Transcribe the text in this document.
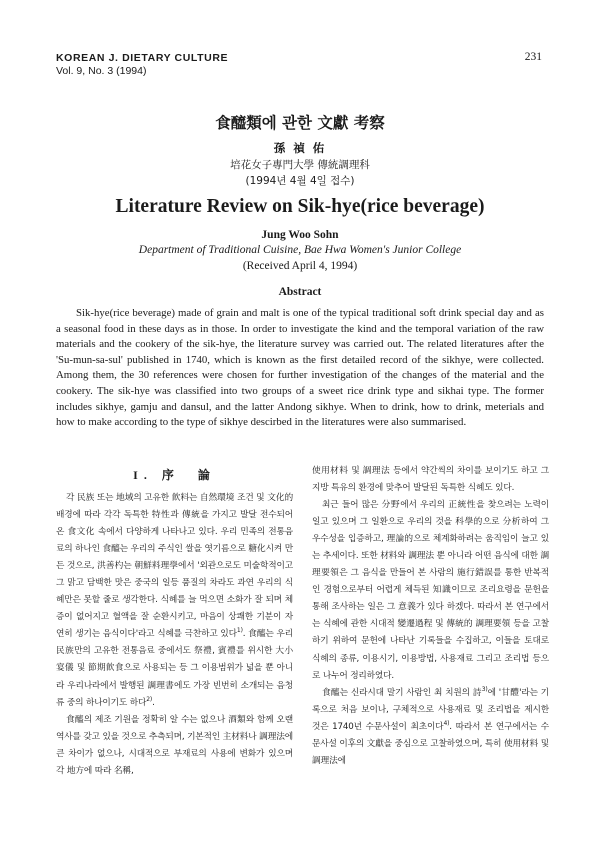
KOREAN J. DIETARY CULTURE
Vol. 9, No. 3 (1994)
231
食醯類에 관한 文獻 考察
孫 禎 佑
培花女子專門大學 傳統調理科
(1994년 4월 4일 접수)
Literature Review on Sik-hye(rice beverage)
Jung Woo Sohn
Department of Traditional Cuisine, Bae Hwa Women's Junior College
(Received April 4, 1994)
Abstract
Sik-hye(rice beverage) made of grain and malt is one of the typical traditional soft drink special day and as a seasonal food in these days as in those. In order to investigate the kind and the temporal variation of the raw materials and the cookery of the sik-hye, the literature survey was carried out. The related literatures after the 'Su-mun-sa-sul' published in 1740, which is known as the first detailed record of the sikhye, were collected. Among them, the 30 references were chosen for further investigation of the changes of the material and the cookery. The sik-hye was classified into two groups of a sweet rice drink type and sikhai type. The former includes sikhye, gamju and dansul, and the latter Andong sikhye. When to drink, how to drink, meterials and how to make according to the type of sikhye descirbed in the literatures were also summarised.
I. 序　論

각 民族 또는 地域의 고유한 飮料는 自然環境 조건 및 文化的 배경에 따라 각각 독특한 特性과 傳統을 가지고 발달 전수되어 온 食文化 속에서 다양하게 나타나고 있다. 우리 민족의 전통음료의 하나인 食醯는 우리의 주식인 쌀을 엿기름으로 糖化시켜 만든 것으로, 洪善杓는 朝鮮料理學에서 '외관으로도 미술학적이고 그 맑고 담백한 맛은 중국의 일등 품질의 차라도 과연 우리의 식혜만은 못할 줄로 생각한다. 식혜를 늘 먹으면 소화가 잘 되며 체증이 없어지고 혈액을 잘 순환시키고, 마음이 상쾌한 기분이 자연히 생기는 음식이다'라고 식혜를 극찬하고 있다$^{1)}$. 食醯는 우리 民族만의 고유한 전통음료 중에서도 祭禮, 賓禮를 위시한 大小宴儀 및 節期飮食으로 사용되는 등 그 이용범위가 넓을 뿐 아니라 우리나라에서 발행된 調理書에도 가장 빈번히 소개되는 음청류 중의 하나이기도 하다$^{2)}$.

食醯의 제조 기원을 정확히 알 수는 없으나 酒類와 함께 오랜 역사를 갖고 있을 것으로 추측되며, 기본적인 主材料나 調理法에 큰 차이가 없으나, 시대적으로 부재료의 사용에 변화가 있으며 각 地方에 따라 名稱,

使用材料 및 調理法 등에서 약간씩의 차이를 보이기도 하고 그 지방 특유의 환경에 맞추어 발달된 독특한 식혜도 있다.

최근 들어 많은 分野에서 우리의 正統性을 찾으려는 노력이 일고 있으며 그 일환으로 우리의 것을 科學的으로 分析하여 그 우수성을 입증하고, 理論的으로 체계화하려는 움직임이 늘고 있는 추세이다. 또한 材料와 調理法 뿐 아니라 어떤 음식에 대한 調理要領은 그 음식을 만들어 본 사람의 施行錯誤를 통한 반복적인 경험으로부터 어렵게 체득된 知識이므로 조리요령을 문헌을 통해 조사하는 일은 그 意義가 있다 하겠다. 따라서 본 연구에서는 식혜에 관한 시대적 變遷過程 및 傳統的 調理要領 등을 고찰하기 위하여 문헌에 나타난 기록들을 수집하고, 이들을 토대로 식혜의 종류, 이용시기, 이용방법, 사용재료 그리고 조리법 등으로 나누어 정리하였다.

食醯는 신라시대 말기 사람인 최 치원의 詩$^{3)}$에 '甘醴'라는 기록으로 처음 보이나, 구체적으로 사용재료 및 조리법을 제시한 것은 1740년 수문사설이 최초이다$^{4)}$. 따라서 본 연구에서는 수문사설 이후의 文獻을 중심으로 고찰하였으며, 특히 使用材料 및 調理法에
